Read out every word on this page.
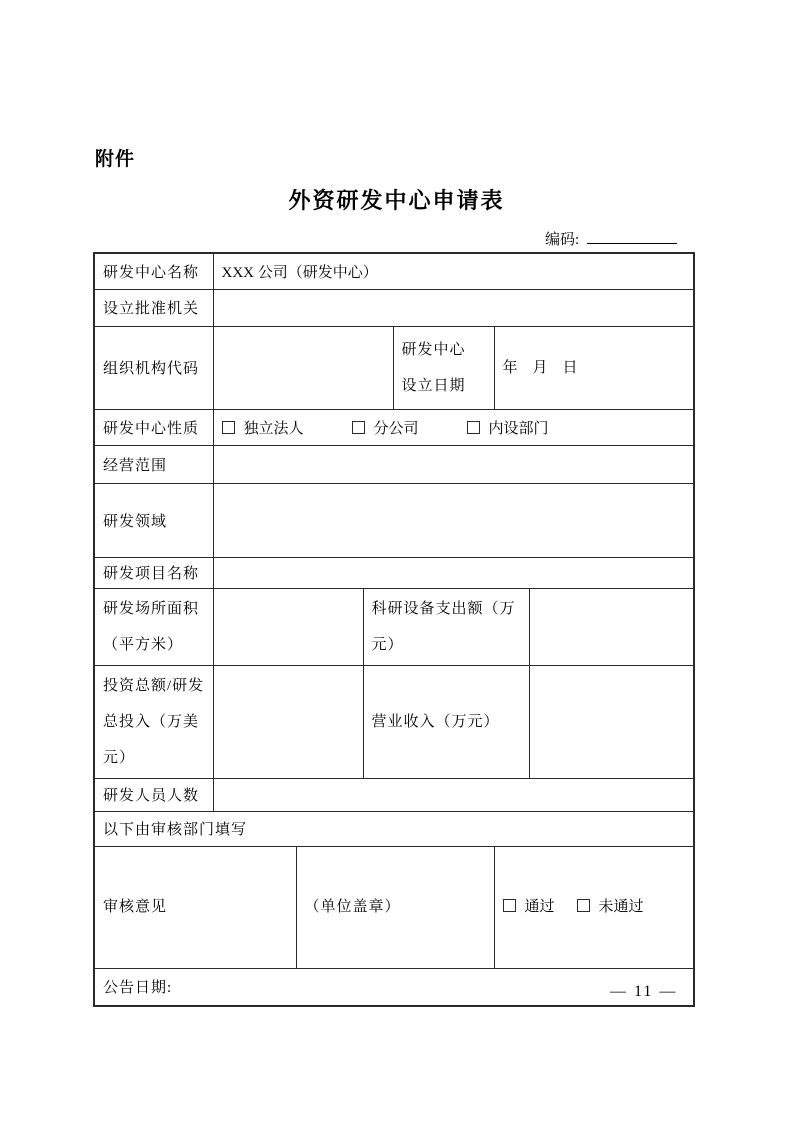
附件
外资研发中心申请表
编码:
研发中心名称	XXX 公司（研发中心）					
设立批准机关						
组织机构代码				研发中心
设立日期	年　月　日	
研发中心性质	独立法人 分公司 内设部门					
经营范围						
研发领域						
研发项目名称						

研发场所面积
（平方米）			科研设备支出额（万元）			

投资总额/研发
总投入（万美元）			营业收入（万元）			
研发人员人数						
以下由审核部门填写						
审核意见		（单位盖章）			通过 未通过	
公告日期:							— 11 —
